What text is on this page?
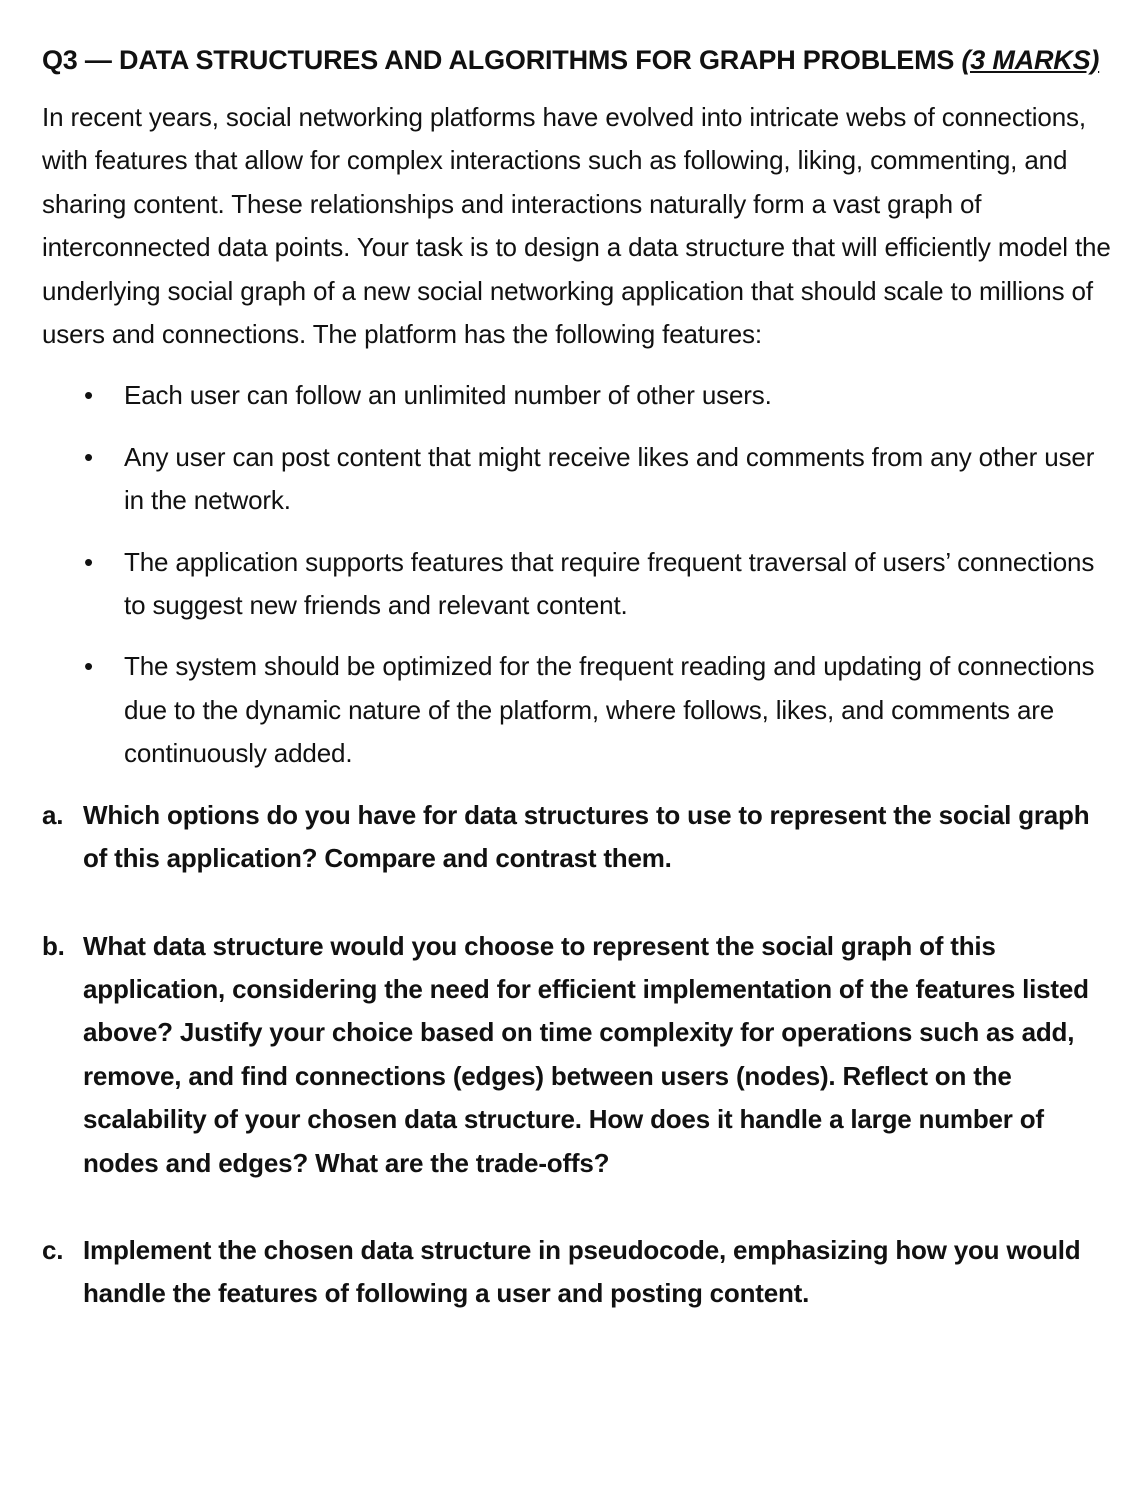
Q3 — DATA STRUCTURES AND ALGORITHMS FOR GRAPH PROBLEMS (3 MARKS)

In recent years, social networking platforms have evolved into intricate webs of connections, with features that allow for complex interactions such as following, liking, commenting, and sharing content. These relationships and interactions naturally form a vast graph of interconnected data points. Your task is to design a data structure that will efficiently model the underlying social graph of a new social networking application that should scale to millions of users and connections. The platform has the following features:

• Each user can follow an unlimited number of other users.
• Any user can post content that might receive likes and comments from any other user in the network.
• The application supports features that require frequent traversal of users’ connections to suggest new friends and relevant content.
• The system should be optimized for the frequent reading and updating of connections due to the dynamic nature of the platform, where follows, likes, and comments are continuously added.
a. Which options do you have for data structures to use to represent the social graph of this application? Compare and contrast them.
b. What data structure would you choose to represent the social graph of this application, considering the need for efficient implementation of the features listed above? Justify your choice based on time complexity for operations such as add, remove, and find connections (edges) between users (nodes). Reflect on the scalability of your chosen data structure. How does it handle a large number of nodes and edges? What are the trade-offs?
c. Implement the chosen data structure in pseudocode, emphasizing how you would handle the features of following a user and posting content.
